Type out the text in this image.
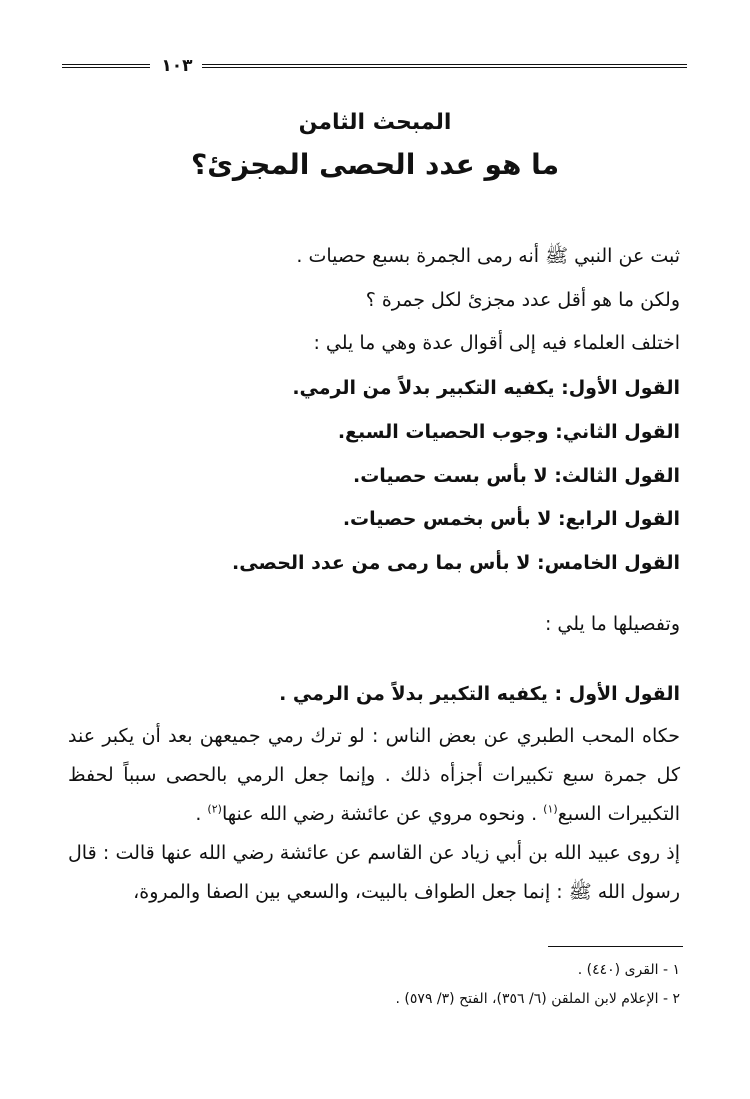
١٠٣
المبحث الثامن
ما هو عدد الحصى المجزئ؟

ثبت عن النبي ﷺ أنه رمى الجمرة بسبع حصيات .

ولكن ما هو أقل عدد مجزئ لكل جمرة ؟

اختلف العلماء فيه إلى أقوال عدة وهي ما يلي :

القول الأول: يكفيه التكبير بدلاً من الرمي.

القول الثاني: وجوب الحصيات السبع.

القول الثالث: لا بأس بست حصيات.

القول الرابع: لا بأس بخمس حصيات.

القول الخامس: لا بأس بما رمى من عدد الحصى.

وتفصيلها ما يلي :

القول الأول : يكفيه التكبير بدلاً من الرمي .

حكاه المحب الطبري عن بعض الناس : لو ترك رمي جميعهن بعد أن يكبر عند كل جمرة سبع تكبيرات أجزأه ذلك . وإنما جعل الرمي بالحصى سبباً لحفظ التكبيرات السبع$^{(١)}$ . ونحوه مروي عن عائشة رضي الله عنها$^{(٢)}$ .

إذ روى عبيد الله بن أبي زياد عن القاسم عن عائشة رضي الله عنها قالت : قال رسول الله ﷺ : إنما جعل الطواف بالبيت، والسعي بين الصفا والمروة،

١ - القرى (٤٤٠) .

٢ - الإعلام لابن الملقن (٦/ ٣٥٦)، الفتح (٣/ ٥٧٩) .
